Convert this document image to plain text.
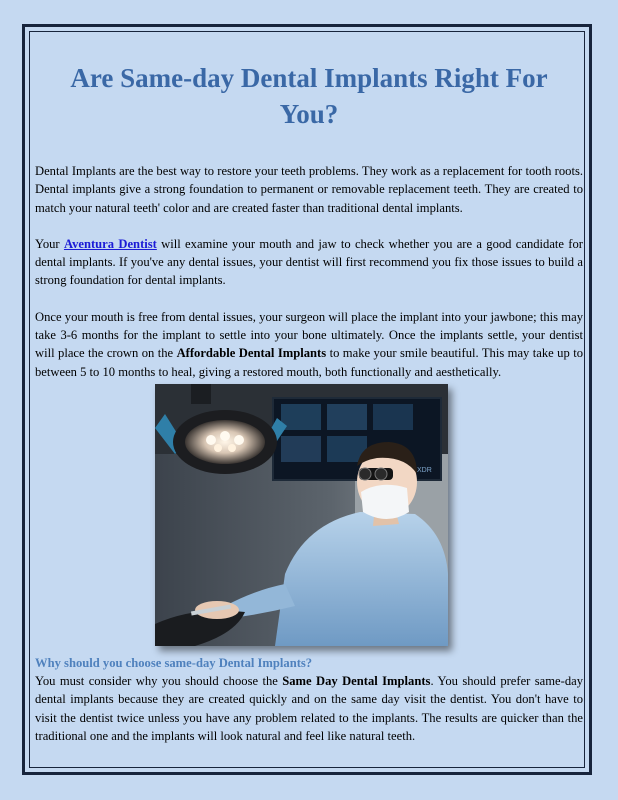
Are Same-day Dental Implants Right For You?

Dental Implants are the best way to restore your teeth problems. They work as a replacement for tooth roots. Dental implants give a strong foundation to permanent or removable replacement teeth. They are created to match your natural teeth' color and are created faster than traditional dental implants.

Your Aventura Dentist will examine your mouth and jaw to check whether you are a good candidate for dental implants. If you've any dental issues, your dentist will first recommend you fix those issues to build a strong foundation for dental implants.

Once your mouth is free from dental issues, your surgeon will place the implant into your jawbone; this may take 3-6 months for the implant to settle into your bone ultimately. Once the implants settle, your dentist will place the crown on the Affordable Dental Implants to make your smile beautiful. This may take up to between 5 to 10 months to heal, giving a restored mouth, both functionally and aesthetically.

XDR
Why should you choose same-day Dental Implants?

You must consider why you should choose the Same Day Dental Implants. You should prefer same-day dental implants because they are created quickly and on the same day visit the dentist. You don't have to visit the dentist twice unless you have any problem related to the implants. The results are quicker than the traditional one and the implants will look natural and feel like natural teeth.
